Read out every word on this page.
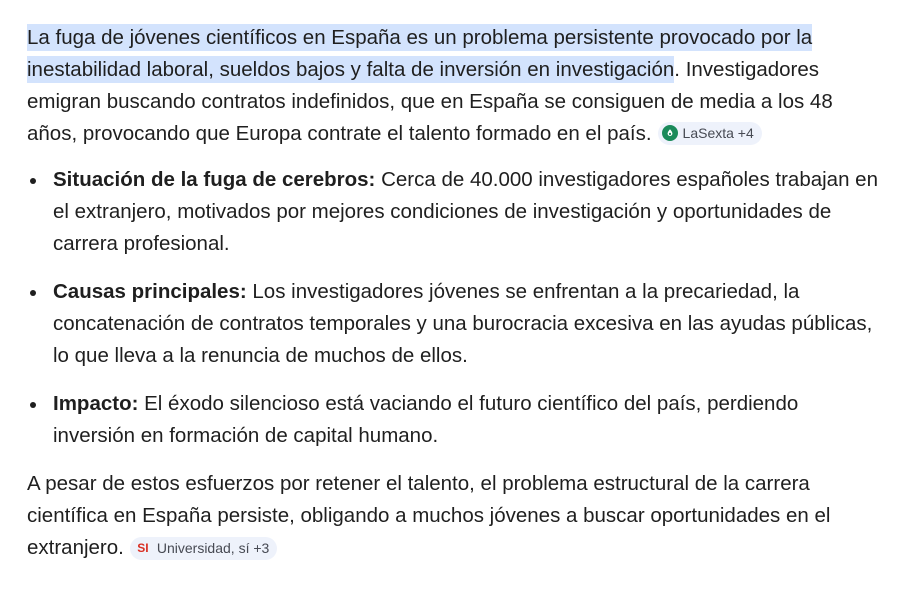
La fuga de jóvenes científicos en España es un problema persistente provocado por la inestabilidad laboral, sueldos bajos y falta de inversión en investigación. Investigadores emigran buscando contratos indefinidos, que en España se consiguen de media a los 48 años, provocando que Europa contrate el talento formado en el país. LaSexta +4

Situación de la fuga de cerebros: Cerca de 40.000 investigadores españoles trabajan en el extranjero, motivados por mejores condiciones de investigación y oportunidades de carrera profesional.
Causas principales: Los investigadores jóvenes se enfrentan a la precariedad, la concatenación de contratos temporales y una burocracia excesiva en las ayudas públicas, lo que lleva a la renuncia de muchos de ellos.
Impacto: El éxodo silencioso está vaciando el futuro científico del país, perdiendo inversión en formación de capital humano.

A pesar de estos esfuerzos por retener el talento, el problema estructural de la carrera científica en España persiste, obligando a muchos jóvenes a buscar oportunidades en el extranjero. SI Universidad, sí +3
